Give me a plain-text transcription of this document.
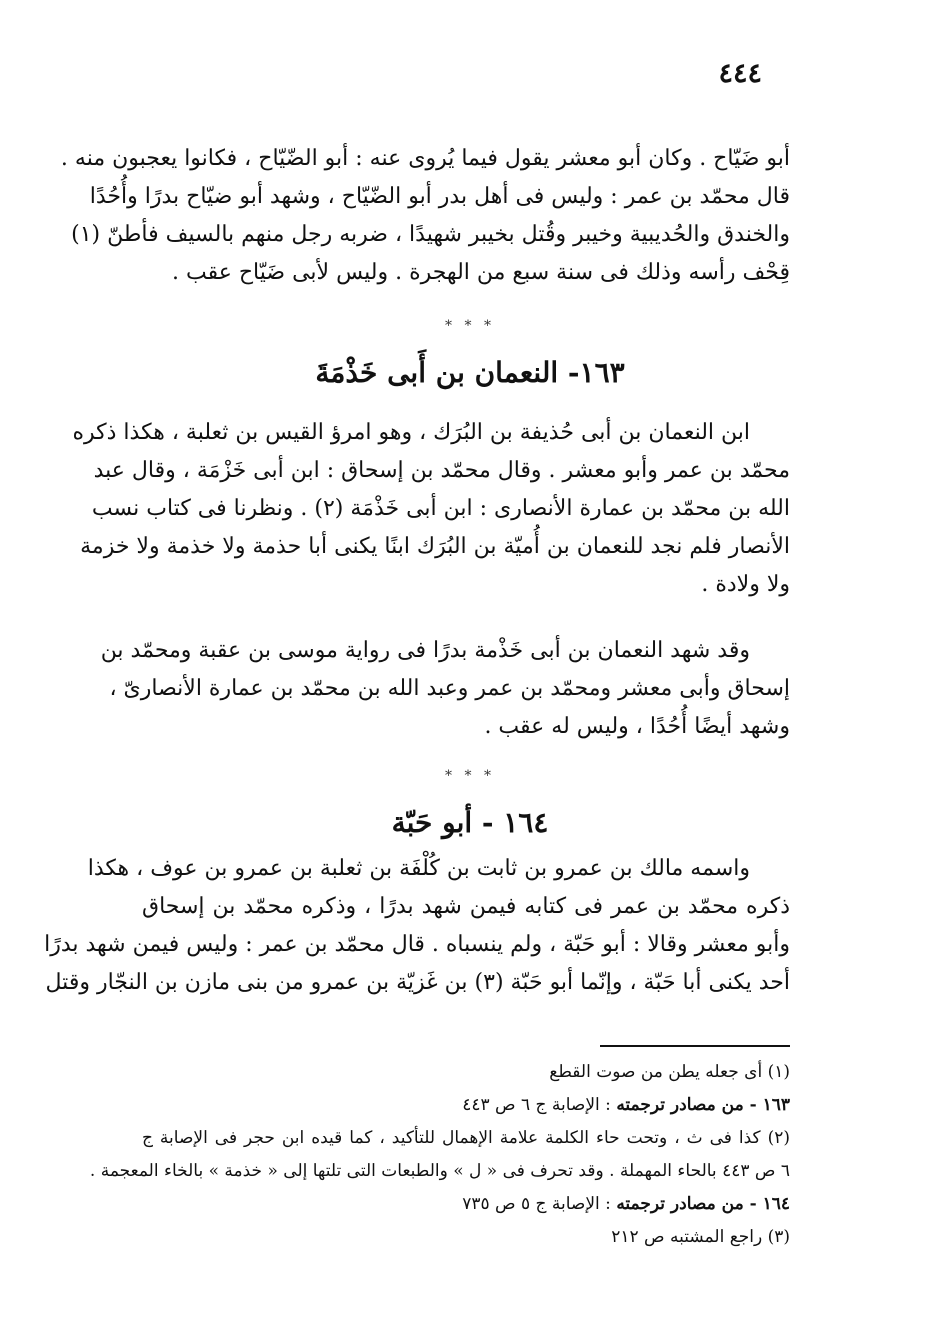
٤٤٤
أبو ضَيّاح . وكان أبو معشر يقول فيما يُروى عنه : أبو الضّيّاح ، فكانوا يعجبون منه .
قال محمّد بن عمر : وليس فى أهل بدر أبو الضّيّاح ، وشهد أبو ضيّاح بدرًا وأُحُدًا
والخندق والحُديبية وخيبر وقُتل بخيبر شهيدًا ، ضربه رجل منهم بالسيف فأطنّ (١)
قِحْف رأسه وذلك فى سنة سبع من الهجرة . وليس لأبى ضَيّاح عقب .
* * *
١٦٣- النعمان بن أَبى خَذْمَةَ
ابن النعمان بن أبى حُذيفة بن البُرَك ، وهو امرؤ القيس بن ثعلبة ، هكذا ذكره
محمّد بن عمر وأبو معشر . وقال محمّد بن إسحاق : ابن أبى خَزْمَة ، وقال عبد
الله بن محمّد بن عمارة الأنصارى : ابن أبى خَذْمَة (٢) . ونظرنا فى كتاب نسب
الأنصار فلم نجد للنعمان بن أُميّة بن البُرَك ابنًا يكنى أبا حذمة ولا خذمة ولا خزمة
ولا ولادة .
وقد شهد النعمان بن أبى خَذْمة بدرًا فى رواية موسى بن عقبة ومحمّد بن
إسحاق وأبى معشر ومحمّد بن عمر وعبد الله بن محمّد بن عمارة الأنصارىّ ،
وشهد أيضًا أُحُدًا ، وليس له عقب .
* * *
١٦٤ - أبو حَبّة
واسمه مالك بن عمرو بن ثابت بن كُلْفَة بن ثعلبة بن عمرو بن عوف ، هكذا
ذكره محمّد بن عمر فى كتابه فيمن شهد بدرًا ، وذكره محمّد بن إسحاق
وأبو معشر وقالا : أبو حَبّة ، ولم ينسباه . قال محمّد بن عمر : وليس فيمن شهد بدرًا
أحد يكنى أبا حَبّة ، وإنّما أبو حَبّة (٣) بن غَزيّة بن عمرو من بنى مازن بن النجّار وقتل
(١) أى جعله يطن من صوت القطع
١٦٣ - من مصادر ترجمته : الإصابة ج ٦ ص ٤٤٣
(٢) كذا فى ث ، وتحت حاء الكلمة علامة الإهمال للتأكيد ، كما قيده ابن حجر فى الإصابة ج
٦ ص ٤٤٣ بالحاء المهملة . وقد تحرف فى « ل » والطبعات التى تلتها إلى « خذمة » بالخاء المعجمة .
١٦٤ - من مصادر ترجمته : الإصابة ج ٥ ص ٧٣٥
(٣) راجع المشتبه ص ٢١٢
